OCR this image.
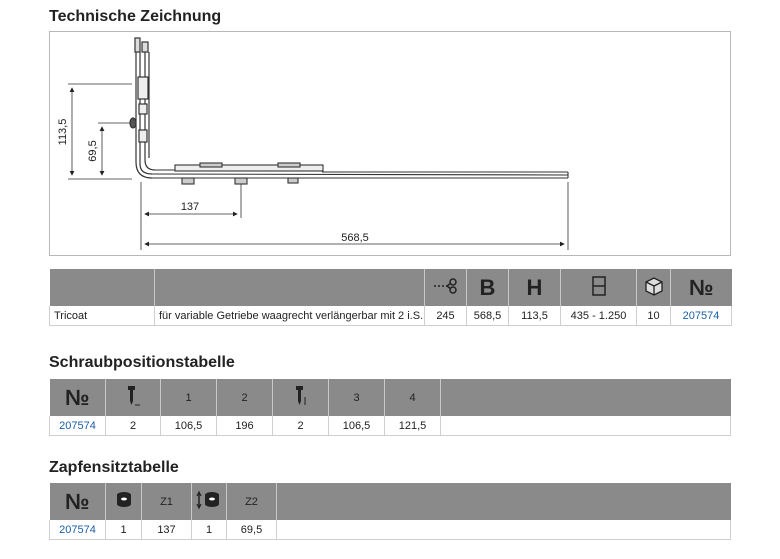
Technische Zeichnung
113,5
69,5
137
568,5
			B	H			№
Tricoat	für variable Getriebe waagrecht verlängerbar mit 2 i.S.	245	568,5	113,5	435 - 1.250	10	207574
Schraubpositionstabelle
№		1	2		3	4	
207574	2	106,5	196	2	106,5	121,5	
Zapfensitztabelle
№		Z1		Z2	
207574	1	137	1	69,5	
